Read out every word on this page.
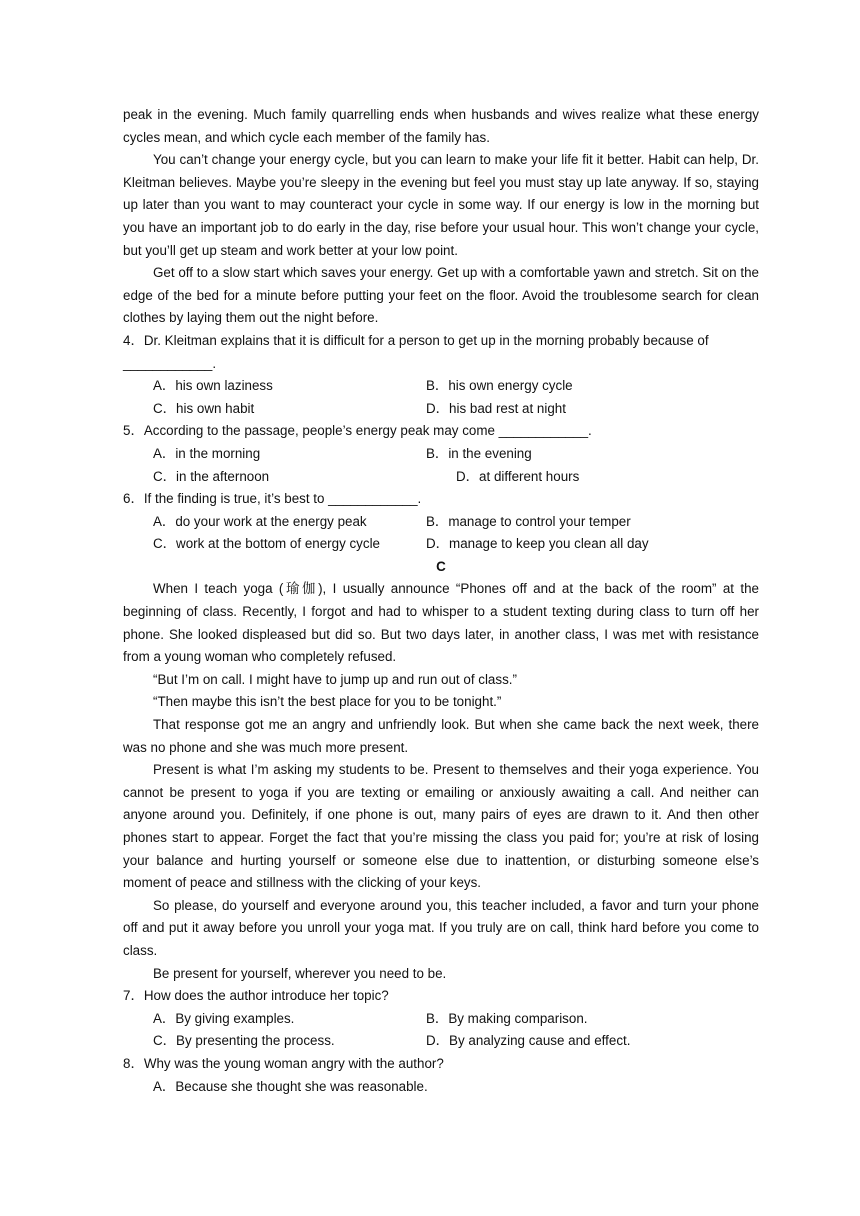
peak in the evening. Much family quarrelling ends when husbands and wives realize what these energy cycles mean, and which cycle each member of the family has.

You can’t change your energy cycle, but you can learn to make your life fit it better. Habit can help, Dr. Kleitman believes. Maybe you’re sleepy in the evening but feel you must stay up late anyway. If so, staying up later than you want to may counteract your cycle in some way. If our energy is low in the morning but you have an important job to do early in the day, rise before your usual hour. This won’t change your cycle, but you’ll get up steam and work better at your low point.

Get off to a slow start which saves your energy. Get up with a comfortable yawn and stretch. Sit on the edge of the bed for a minute before putting your feet on the floor. Avoid the troublesome search for clean clothes by laying them out the night before.

4．Dr. Kleitman explains that it is difficult for a person to get up in the morning probably because of ____________.

A．his own laziness	B．his own energy cycle
C．his own habit	D．his bad rest at night

5．According to the passage, people’s energy peak may come ____________.

A．in the morning	B．in the evening
C．in the afternoon	D．at different hours

6．If the finding is true, it’s best to ____________.

A．do your work at the energy peak	B．manage to control your temper
C．work at the bottom of energy cycle	D．manage to keep you clean all day

C

When I teach yoga (瑜伽), I usually announce “Phones off and at the back of the room” at the beginning of class. Recently, I forgot and had to whisper to a student texting during class to turn off her phone. She looked displeased but did so. But two days later, in another class, I was met with resistance from a young woman who completely refused.

“But I’m on call. I might have to jump up and run out of class.”

“Then maybe this isn’t the best place for you to be tonight.”

That response got me an angry and unfriendly look. But when she came back the next week, there was no phone and she was much more present.

Present is what I’m asking my students to be. Present to themselves and their yoga experience. You cannot be present to yoga if you are texting or emailing or anxiously awaiting a call. And neither can anyone around you. Definitely, if one phone is out, many pairs of eyes are drawn to it. And then other phones start to appear. Forget the fact that you’re missing the class you paid for; you’re at risk of losing your balance and hurting yourself or someone else due to inattention, or disturbing someone else’s moment of peace and stillness with the clicking of your keys.

So please, do yourself and everyone around you, this teacher included, a favor and turn your phone off and put it away before you unroll your yoga mat. If you truly are on call, think hard before you come to class.

Be present for yourself, wherever you need to be.

7．How does the author introduce her topic?

A．By giving examples.	B．By making comparison.
C．By presenting the process.	D．By analyzing cause and effect.

8．Why was the young woman angry with the author?

A．Because she thought she was reasonable.
